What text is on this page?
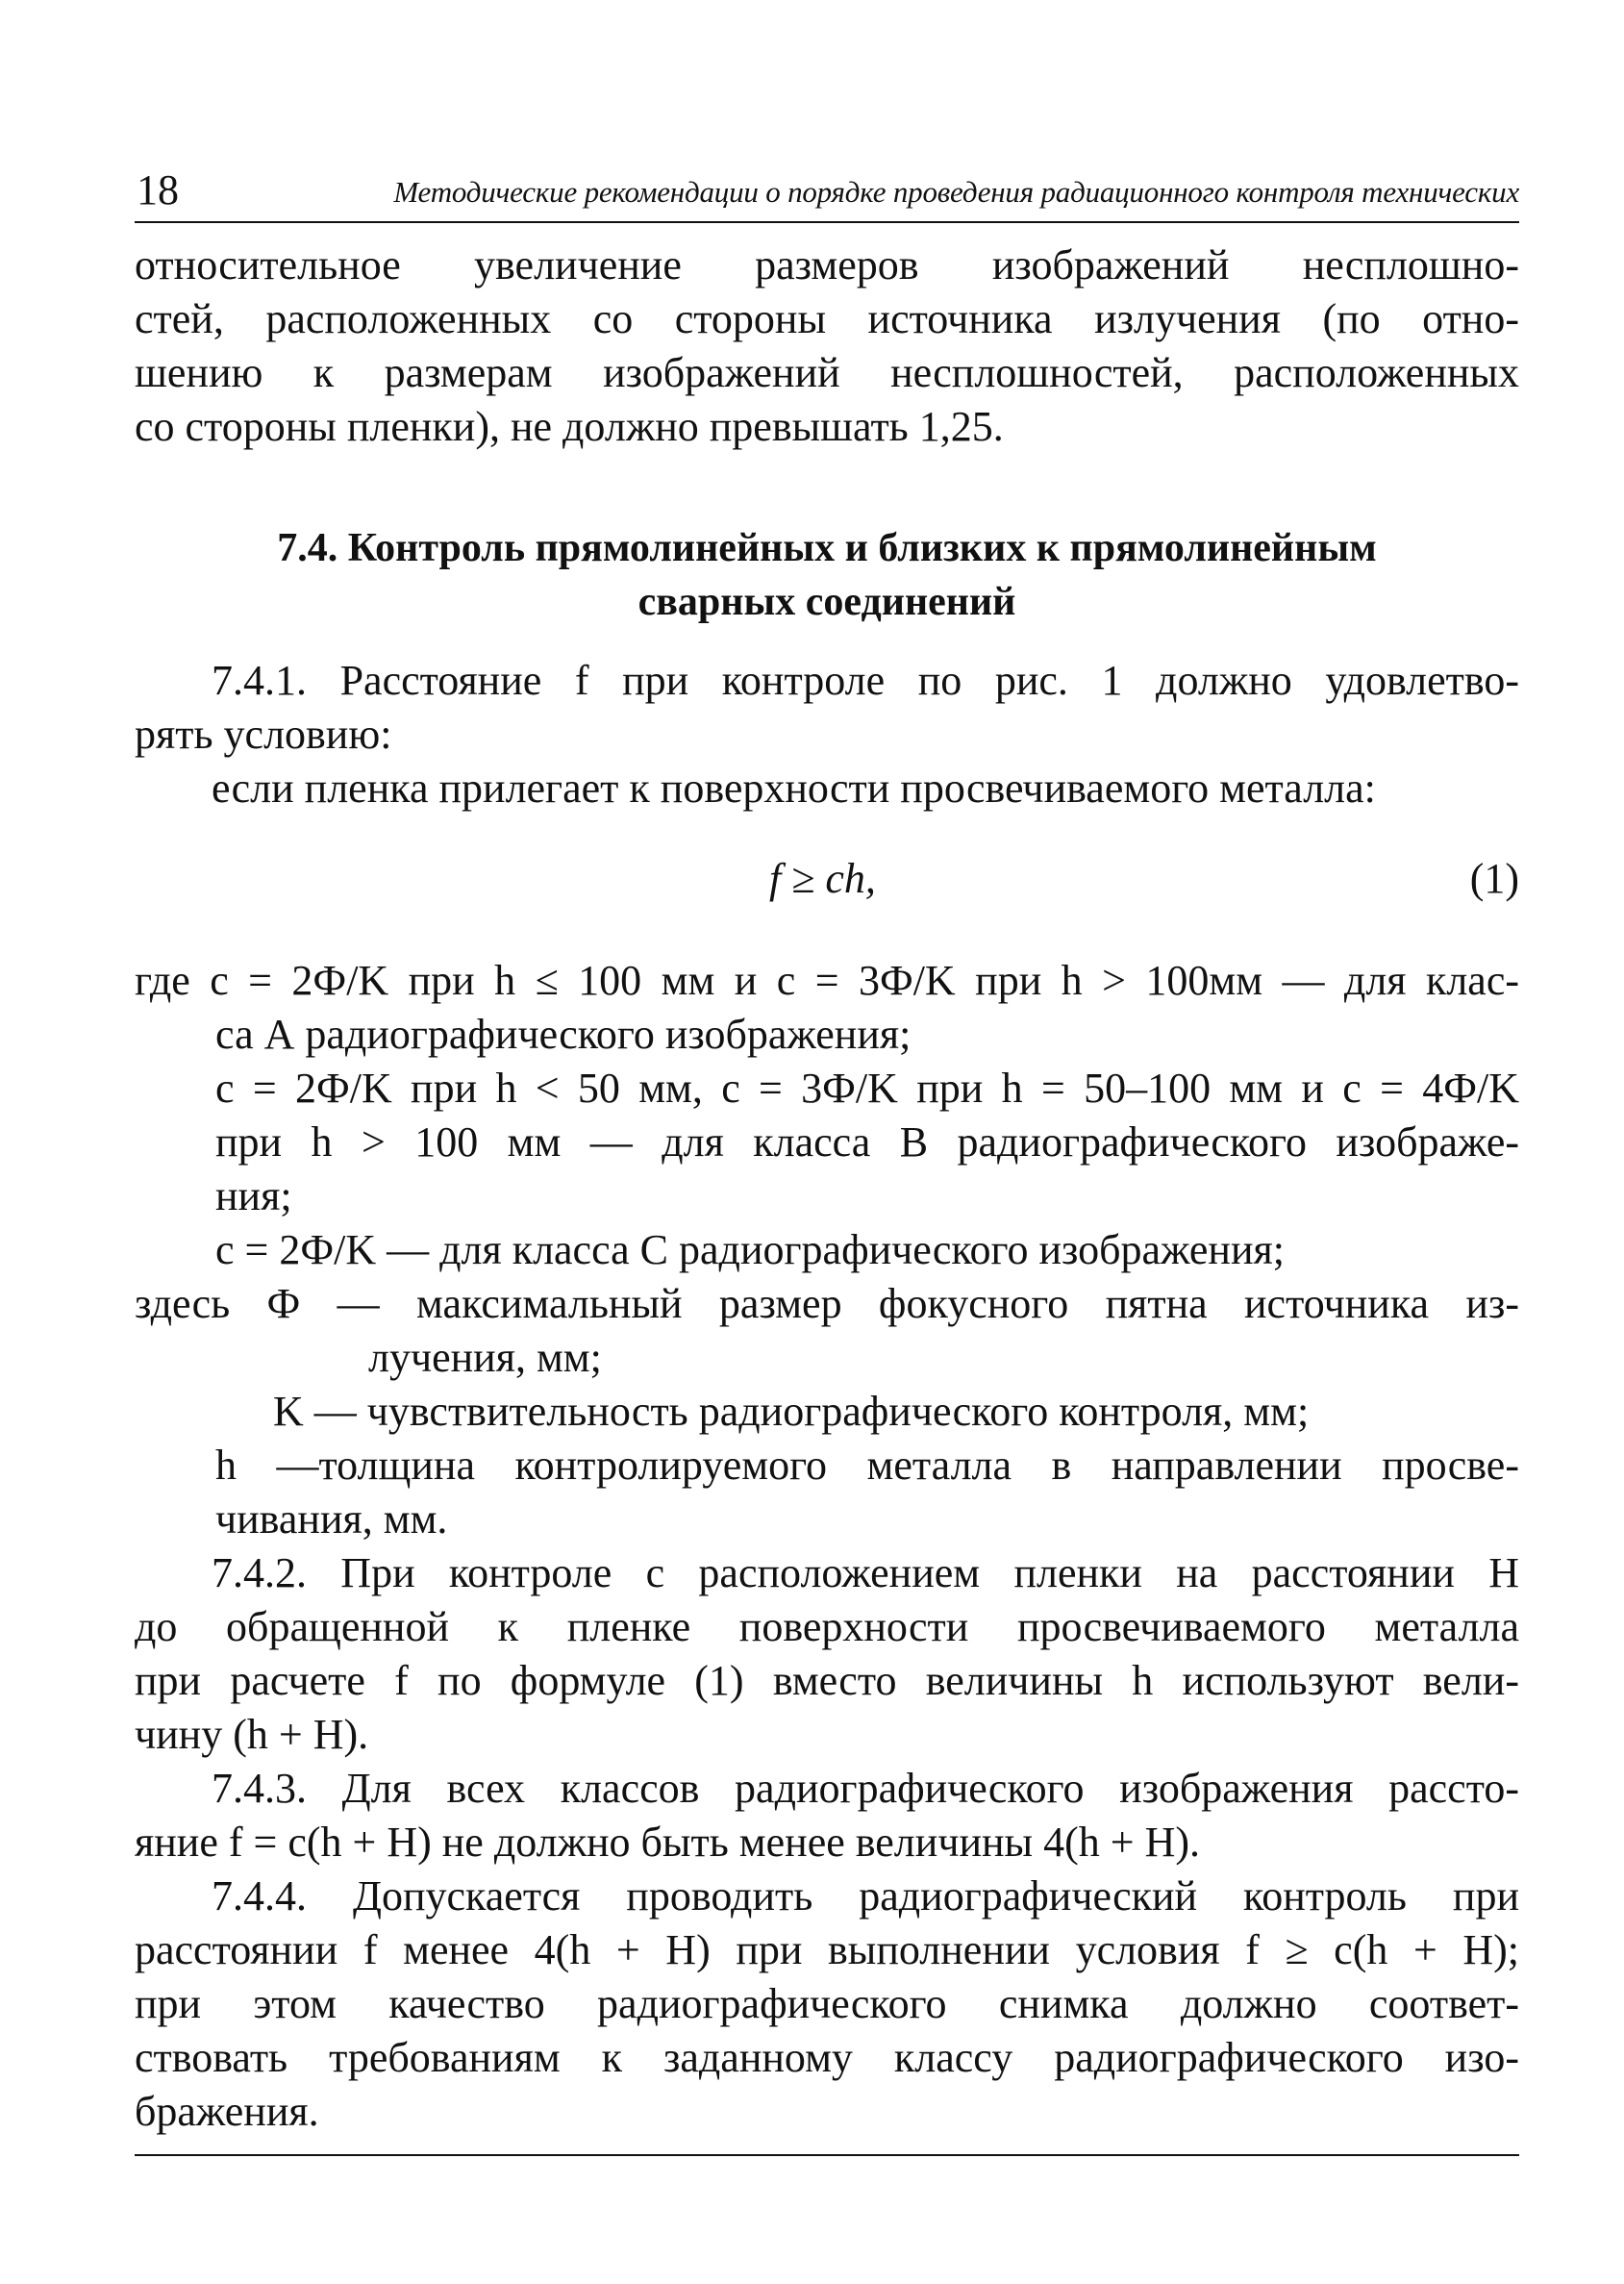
18	Методические рекомендации о порядке проведения радиационного контроля технических
относительное увеличение размеров изображений несплошно-
стей, расположенных со стороны источника излучения (по отно-
шению к размерам изображений несплошностей, расположенных
со стороны пленки), не должно превышать 1,25.
7.4. Контроль прямолинейных и близких к прямолинейным
сварных соединений
7.4.1. Расстояние f при контроле по рис. 1 должно удовлетво-
рять условию:
если пленка прилегает к поверхности просвечиваемого металла:
f ≥ ch,	(1)
где c = 2Ф/K при h ≤ 100 мм и c = 3Ф/K при h > 100мм — для клас-
са А радиографического изображения;
c = 2Ф/K при h < 50 мм, c = 3Ф/K при h = 50–100 мм и c = 4Ф/K
при h > 100 мм — для класса В радиографического изображе-
ния;
c = 2Ф/K — для класса С радиографического изображения;
здесь Ф — максимальный размер фокусного пятна источника из-
лучения, мм;
K — чувствительность радиографического контроля, мм;
h —толщина контролируемого металла в направлении просве-
чивания, мм.
7.4.2. При контроле с расположением пленки на расстоянии H
до обращенной к пленке поверхности просвечиваемого металла
при расчете f по формуле (1) вместо величины h используют вели-
чину (h + H).
7.4.3. Для всех классов радиографического изображения рассто-
яние f = c(h + H) не должно быть менее величины 4(h + H).
7.4.4. Допускается проводить радиографический контроль при
расстоянии f менее 4(h + H) при выполнении условия f ≥ c(h + H);
при этом качество радиографического снимка должно соответ-
ствовать требованиям к заданному классу радиографического изо-
бражения.
